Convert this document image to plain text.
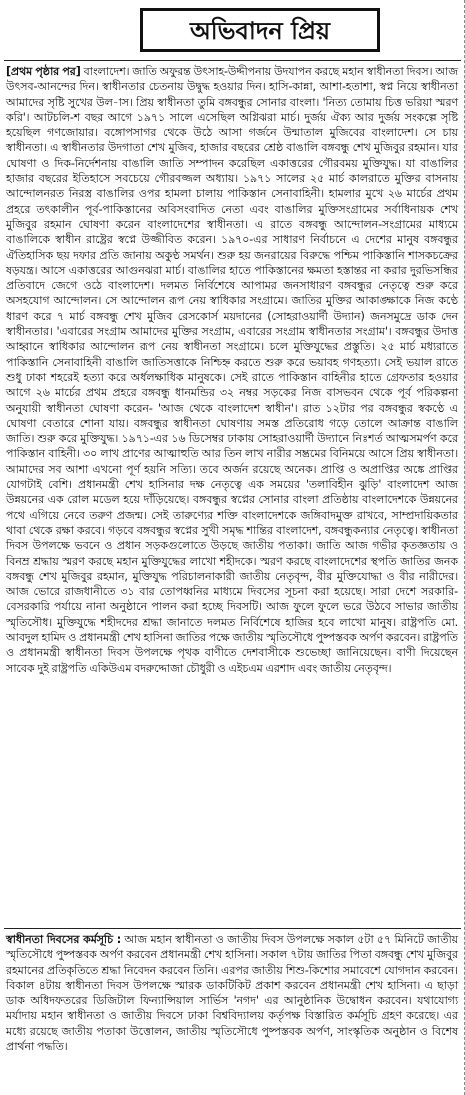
অভিবাদন প্রিয়
[প্রথম পৃষ্ঠার পর] বাংলাদেশ। জাতি অফুরন্ত উৎসাহ-উদ্দীপনায় উদযাপন করছে মহান স্বাধীনতা দিবস। আজ উৎসব-আনন্দের দিন। স্বাধীনতার চেতনায় উদ্বুদ্ধ হওয়ার দিন। হাসি-কান্না, আশা-হতাশা, স্বপ্ন নিয়ে স্বাধীনতা আমাদের সৃষ্টি সুখের উল-াস। প্রিয় স্বাধীনতা তুমি বঙ্গবন্ধুর সোনার বাংলা। 'নিত্য তোমায় চিত্ত ভরিয়া স্মরণ করি'। আটচলি-শ বছর আগে ১৯৭১ সালে এসেছিল অগ্নিঝরা মার্চ। দুর্জয় ঐক্য আর দুর্জয় সংকল্পে সৃষ্টি হয়েছিল গণজোয়ার। বঙ্গোপসাগর থেকে উঠে আসা গর্জনে উন্মাতাল মুজিবের বাংলাদেশ। সে চায় স্বাধীনতা। এ স্বাধীনতার উদগাতা শেখ মুজিব, হাজার বছরের শ্রেষ্ঠ বাঙালি বঙ্গবন্ধু শেখ মুজিবুর রহমান। যার ঘোষণা ও দিক-নির্দেশনায় বাঙালি জাতি সম্পাদন করেছিল একাত্তরের গৌরবময় মুক্তিযুদ্ধ। যা বাঙালির হাজার বছরের ইতিহাসে সবচেয়ে গৌরবজ্জল অধ্যায়। ১৯৭১ সালের ২৫ মার্চ কালরাতে মুক্তির বাসনায় আন্দোলনরত নিরস্ত্র বাঙালির ওপর হামলা চালায় পাকিস্তান সেনাবাহিনী। হামলার মুখে ২৬ মার্চের প্রথম প্রহরে তৎকালীন পূর্ব-পাকিস্তানের অবিসংবাদিত নেতা এবং বাঙালির মুক্তিসংগ্রামের সর্বাধিনায়ক শেখ মুজিবুর রহমান ঘোষণা করেন বাংলাদেশের স্বাধীনতা। এ রাতে বঙ্গবন্ধু আন্দোলন-সংগ্রামের মাধ্যমে বাঙালিকে স্বাধীন রাষ্ট্রের স্বপ্নে উজ্জীবিত করেন। ১৯৭০-এর সাধারণ নির্বাচনে এ দেশের মানুষ বঙ্গবন্ধুর ঐতিহাসিক ছয় দফার প্রতি জানায় অকুণ্ঠ সমর্থন। শুরু হয় জনরায়ের বিরুদ্ধে পশ্চিম পাকিস্তানি শাসকচক্রের ষড়যন্ত্র। আসে একাত্তরের আগুনঝরা মার্চ। বাঙালির হাতে পাকিস্তানের ক্ষমতা হস্তান্তর না করার দুরভিসন্ধির প্রতিবাদে জেগে ওঠে বাংলাদেশ। দলমত নির্বিশেষে আপামর জনসাধারণ বঙ্গবন্ধুর নেতৃত্বে শুরু করে অসহযোগ আন্দোলন। সে আন্দোলন রূপ নেয় স্বাধিকার সংগ্রামে। জাতির মুক্তির আকাঙ্ক্ষাকে নিজ কণ্ঠে ধারণ করে ৭ মার্চ বঙ্গবন্ধু শেখ মুজিব রেসকোর্স ময়দানের (সোহরাওয়ার্দী উদ্যান) জনসমুদ্রে ডাক দেন স্বাধীনতার। 'এবারের সংগ্রাম আমাদের মুক্তির সংগ্রাম, এবারের সংগ্রাম স্বাধীনতার সংগ্রাম'। বঙ্গবন্ধুর উদাত্ত আহ্বানে স্বাধিকার আন্দোলন রূপ নেয় স্বাধীনতা সংগ্রামে। চলে মুক্তিযুদ্ধের প্রস্তুতি। ২৫ মার্চ মধ্যরাতে পাকিস্তানি সেনাবাহিনী বাঙালি জাতিসত্তাকে নিশ্চিহ্ন করতে শুরু করে ভয়াবহ গণহত্যা। সেই ভয়াল রাতে শুধু ঢাকা শহরেই হত্যা করে অর্ধলক্ষাধিক মানুষকে। সেই রাতে পাকিস্তান বাহিনীর হাতে গ্রেফতার হওয়ার আগে ২৬ মার্চের প্রথম প্রহরে বঙ্গবন্ধু ধানমন্ডির ৩২ নম্বর সড়কের নিজ বাসভবন থেকে পূর্ব পরিকল্পনা অনুযায়ী স্বাধীনতা ঘোষণা করেন- 'আজ থেকে বাংলাদেশ স্বাধীন'। রাত ১২টার পর বঙ্গবন্ধুর স্বকণ্ঠে এ ঘোষণা বেতারে শোনা যায়। বঙ্গবন্ধুর স্বাধীনতা ঘোষণায় সমস্ত প্রতিরোধ গড়ে তোলে আক্রান্ত বাঙালি জাতি। শুরু করে মুক্তিযুদ্ধ। ১৯৭১-এর ১৬ ডিসেম্বর ঢাকায় সোহরাওয়ার্দী উদ্যানে নিঃশর্ত আত্মসমর্পণ করে পাকিস্তান বাহিনী। ৩০ লাখ প্রাণের আত্মাহুতি আর তিন লাখ নারীর সম্ভ্রমের বিনিময়ে আসে প্রিয় স্বাধীনতা। আমাদের সব আশা এখনো পূর্ণ হয়নি সত্যি। তবে অর্জন রয়েছে অনেক। প্রাপ্তি ও অপ্রাপ্তির অঙ্কে প্রাপ্তির যোগটাই বেশি। প্রধানমন্ত্রী শেখ হাসিনার দক্ষ নেতৃত্বে এক সময়ের 'তলাবিহীন ঝুড়ি' বাংলাদেশ আজ উন্নয়নের এক রোল মডেল হয়ে দাঁড়িয়েছে। বঙ্গবন্ধুর স্বপ্নের সোনার বাংলা প্রতিষ্ঠায় বাংলাদেশকে উন্নয়নের পথে এগিয়ে নেবে তরুণ প্রজন্ম। সেই তারুণ্যের শক্তি বাংলাদেশকে জঙ্গিবাদমুক্ত রাখবে, সাম্প্রদায়িকতার থাবা থেকে রক্ষা করবে। গড়বে বঙ্গবন্ধুর স্বপ্নের সুখী সমৃদ্ধ শান্তির বাংলাদেশ, বঙ্গবন্ধুকন্যার নেতৃত্বে। স্বাধীনতা দিবস উপলক্ষে ভবনে ও প্রধান সড়কগুলোতে উড়ছে জাতীয় পতাকা। জাতি আজ গভীর কৃতজ্ঞতায় ও বিনম্র শ্রদ্ধায় স্মরণ করছে মহান মুক্তিযুদ্ধের লাখো শহীদকে। স্মরণ করছে বাংলাদেশের স্থপতি জাতির জনক বঙ্গবন্ধু শেখ মুজিবুর রহমান, মুক্তিযুদ্ধ পরিচালনাকারী জাতীয় নেতৃবৃন্দ, বীর মুক্তিযোদ্ধা ও বীর নারীদের। আজ ভোরে রাজধানীতে ৩১ বার তোপধ্বনির মাধ্যমে দিবসের সূচনা করা হয়েছে। সারা দেশে সরকারি-বেসরকারি পর্যায়ে নানা অনুষ্ঠানে পালন করা হচ্ছে দিবসটি। আজ ফুলে ফুলে ভরে উঠবে সাভার জাতীয় স্মৃতিসৌধ। মুক্তিযুদ্ধে শহীদদের শ্রদ্ধা জানাতে দলমত নির্বিশেষে হাজির হবে লাখো মানুষ। রাষ্ট্রপতি মো. আবদুল হামিদ ও প্রধানমন্ত্রী শেখ হাসিনা জাতির পক্ষে জাতীয় স্মৃতিসৌধে পুষ্পস্তবক অর্পণ করবেন। রাষ্ট্রপতি ও প্রধানমন্ত্রী স্বাধীনতা দিবস উপলক্ষে পৃথক বাণীতে দেশবাসীকে শুভেচ্ছা জানিয়েছেন। বাণী দিয়েছেন সাবেক দুই রাষ্ট্রপতি একিউএম বদরুদ্দোজা চৌধুরী ও এইচএম এরশাদ এবং জাতীয় নেতৃবৃন্দ।
স্বাধীনতা দিবসের কর্মসূচি : আজ মহান স্বাধীনতা ও জাতীয় দিবস উপলক্ষে সকাল ৫টা ৫৭ মিনিটে জাতীয় স্মৃতিসৌধে পুষ্পস্তবক অর্পণ করবেন প্রধানমন্ত্রী শেখ হাসিনা। সকাল ৭টায় জাতির পিতা বঙ্গবন্ধু শেখ মুজিবুর রহমানের প্রতিকৃতিতে শ্রদ্ধা নিবেদন করবেন তিনি। এরপর জাতীয় শিশু-কিশোর সমাবেশে যোগদান করবেন। বিকাল ৪টায় স্বাধীনতা দিবস উপলক্ষে স্মারক ডাকটিকিট প্রকাশ করবেন প্রধানমন্ত্রী শেখ হাসিনা। এ ছাড়া ডাক অধিদফতরের ডিজিটাল ফিন্যান্সিয়াল সার্ভিস 'নগদ' এর আনুষ্ঠানিক উদ্বোধন করবেন। যথাযোগ্য মর্যাদায় মহান স্বাধীনতা ও জাতীয় দিবসে ঢাকা বিশ্ববিদ্যালয় কর্তৃপক্ষ বিস্তারিত কর্মসূচি গ্রহণ করেছে। এর মধ্যে রয়েছে জাতীয় পতাকা উত্তোলন, জাতীয় স্মৃতিসৌধে পুষ্পস্তবক অর্পণ, সাংস্কৃতিক অনুষ্ঠান ও বিশেষ প্রার্থনা পদ্ধতি।
